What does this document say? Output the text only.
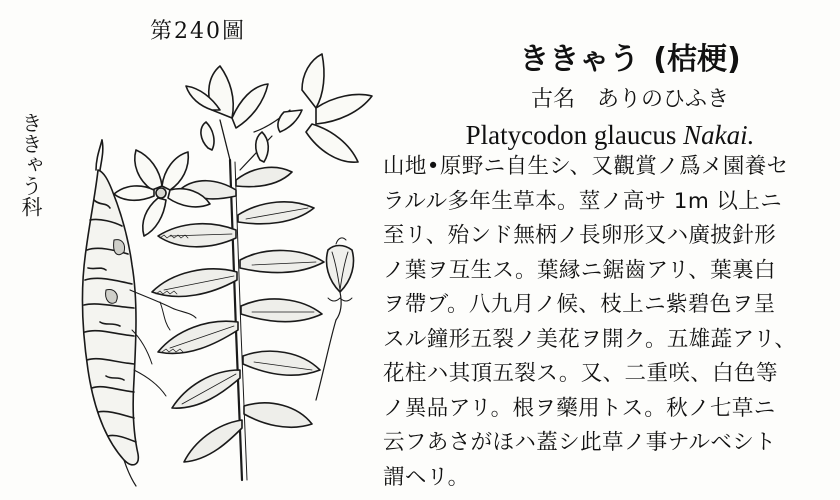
第240圖
ききゃう科
ききゃう (桔梗)
古名 ありのひふき
Platycodon glaucus Nakai.
山地•原野ニ自生シ、又觀賞ノ爲メ園養セ
ラルル多年生草本。莖ノ高サ 1m 以上ニ
至リ、殆ンド無柄ノ長卵形又ハ廣披針形
ノ葉ヲ互生ス。葉縁ニ鋸齒アリ、葉裏白
ヲ帶ブ。八九月ノ候、枝上ニ紫碧色ヲ呈
スル鐘形五裂ノ美花ヲ開ク。五雄蕋アリ、
花柱ハ其頂五裂ス。又、二重咲、白色等
ノ異品アリ。根ヲ藥用トス。秋ノ七草ニ
云フあさがほハ蓋シ此草ノ事ナルベシト
謂ヘリ。
